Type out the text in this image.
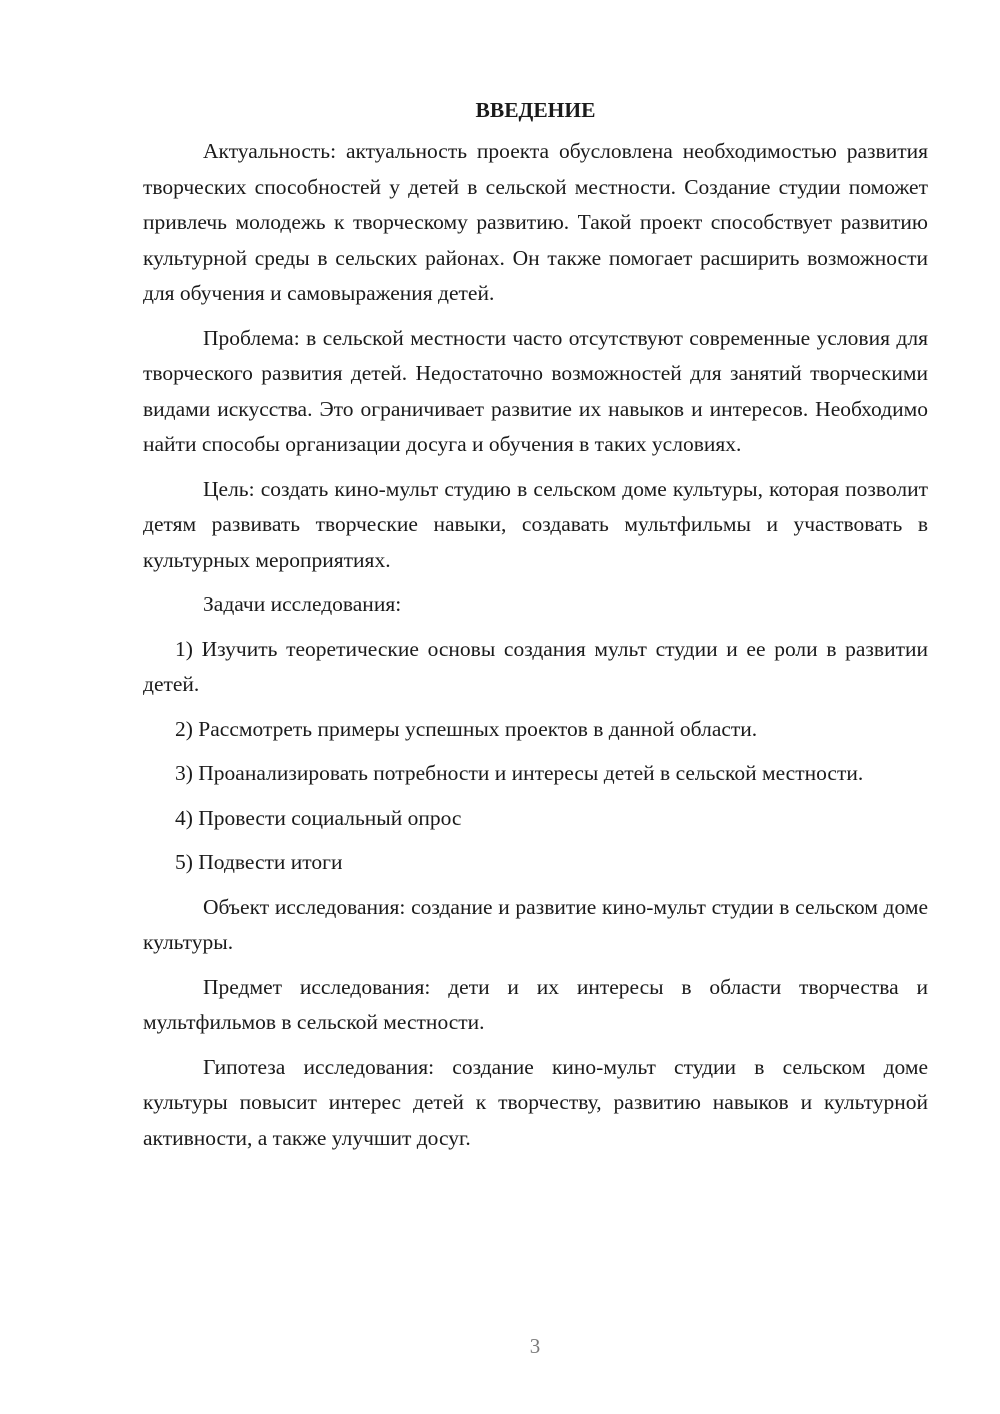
ВВЕДЕНИЕ

Актуальность: актуальность проекта обусловлена необходимостью развития творческих способностей у детей в сельской местности. Создание студии поможет привлечь молодежь к творческому развитию. Такой проект способствует развитию культурной среды в сельских районах. Он также помогает расширить возможности для обучения и самовыражения детей.

Проблема: в сельской местности часто отсутствуют современные условия для творческого развития детей. Недостаточно возможностей для занятий творческими видами искусства. Это ограничивает развитие их навыков и интересов. Необходимо найти способы организации досуга и обучения в таких условиях.

Цель: создать кино-мульт студию в сельском доме культуры, которая позволит детям развивать творческие навыки, создавать мультфильмы и участвовать в культурных мероприятиях.

Задачи исследования:

1) Изучить теоретические основы создания мульт студии и ее роли в развитии детей.

2) Рассмотреть примеры успешных проектов в данной области.

3) Проанализировать потребности и интересы детей в сельской местности.

4) Провести социальный опрос

5) Подвести итоги

Объект исследования: создание и развитие кино-мульт студии в сельском доме культуры.

Предмет исследования: дети и их интересы в области творчества и мультфильмов в сельской местности.

Гипотеза исследования: создание кино-мульт студии в сельском доме культуры повысит интерес детей к творчеству, развитию навыков и культурной активности, а также улучшит досуг.

3
